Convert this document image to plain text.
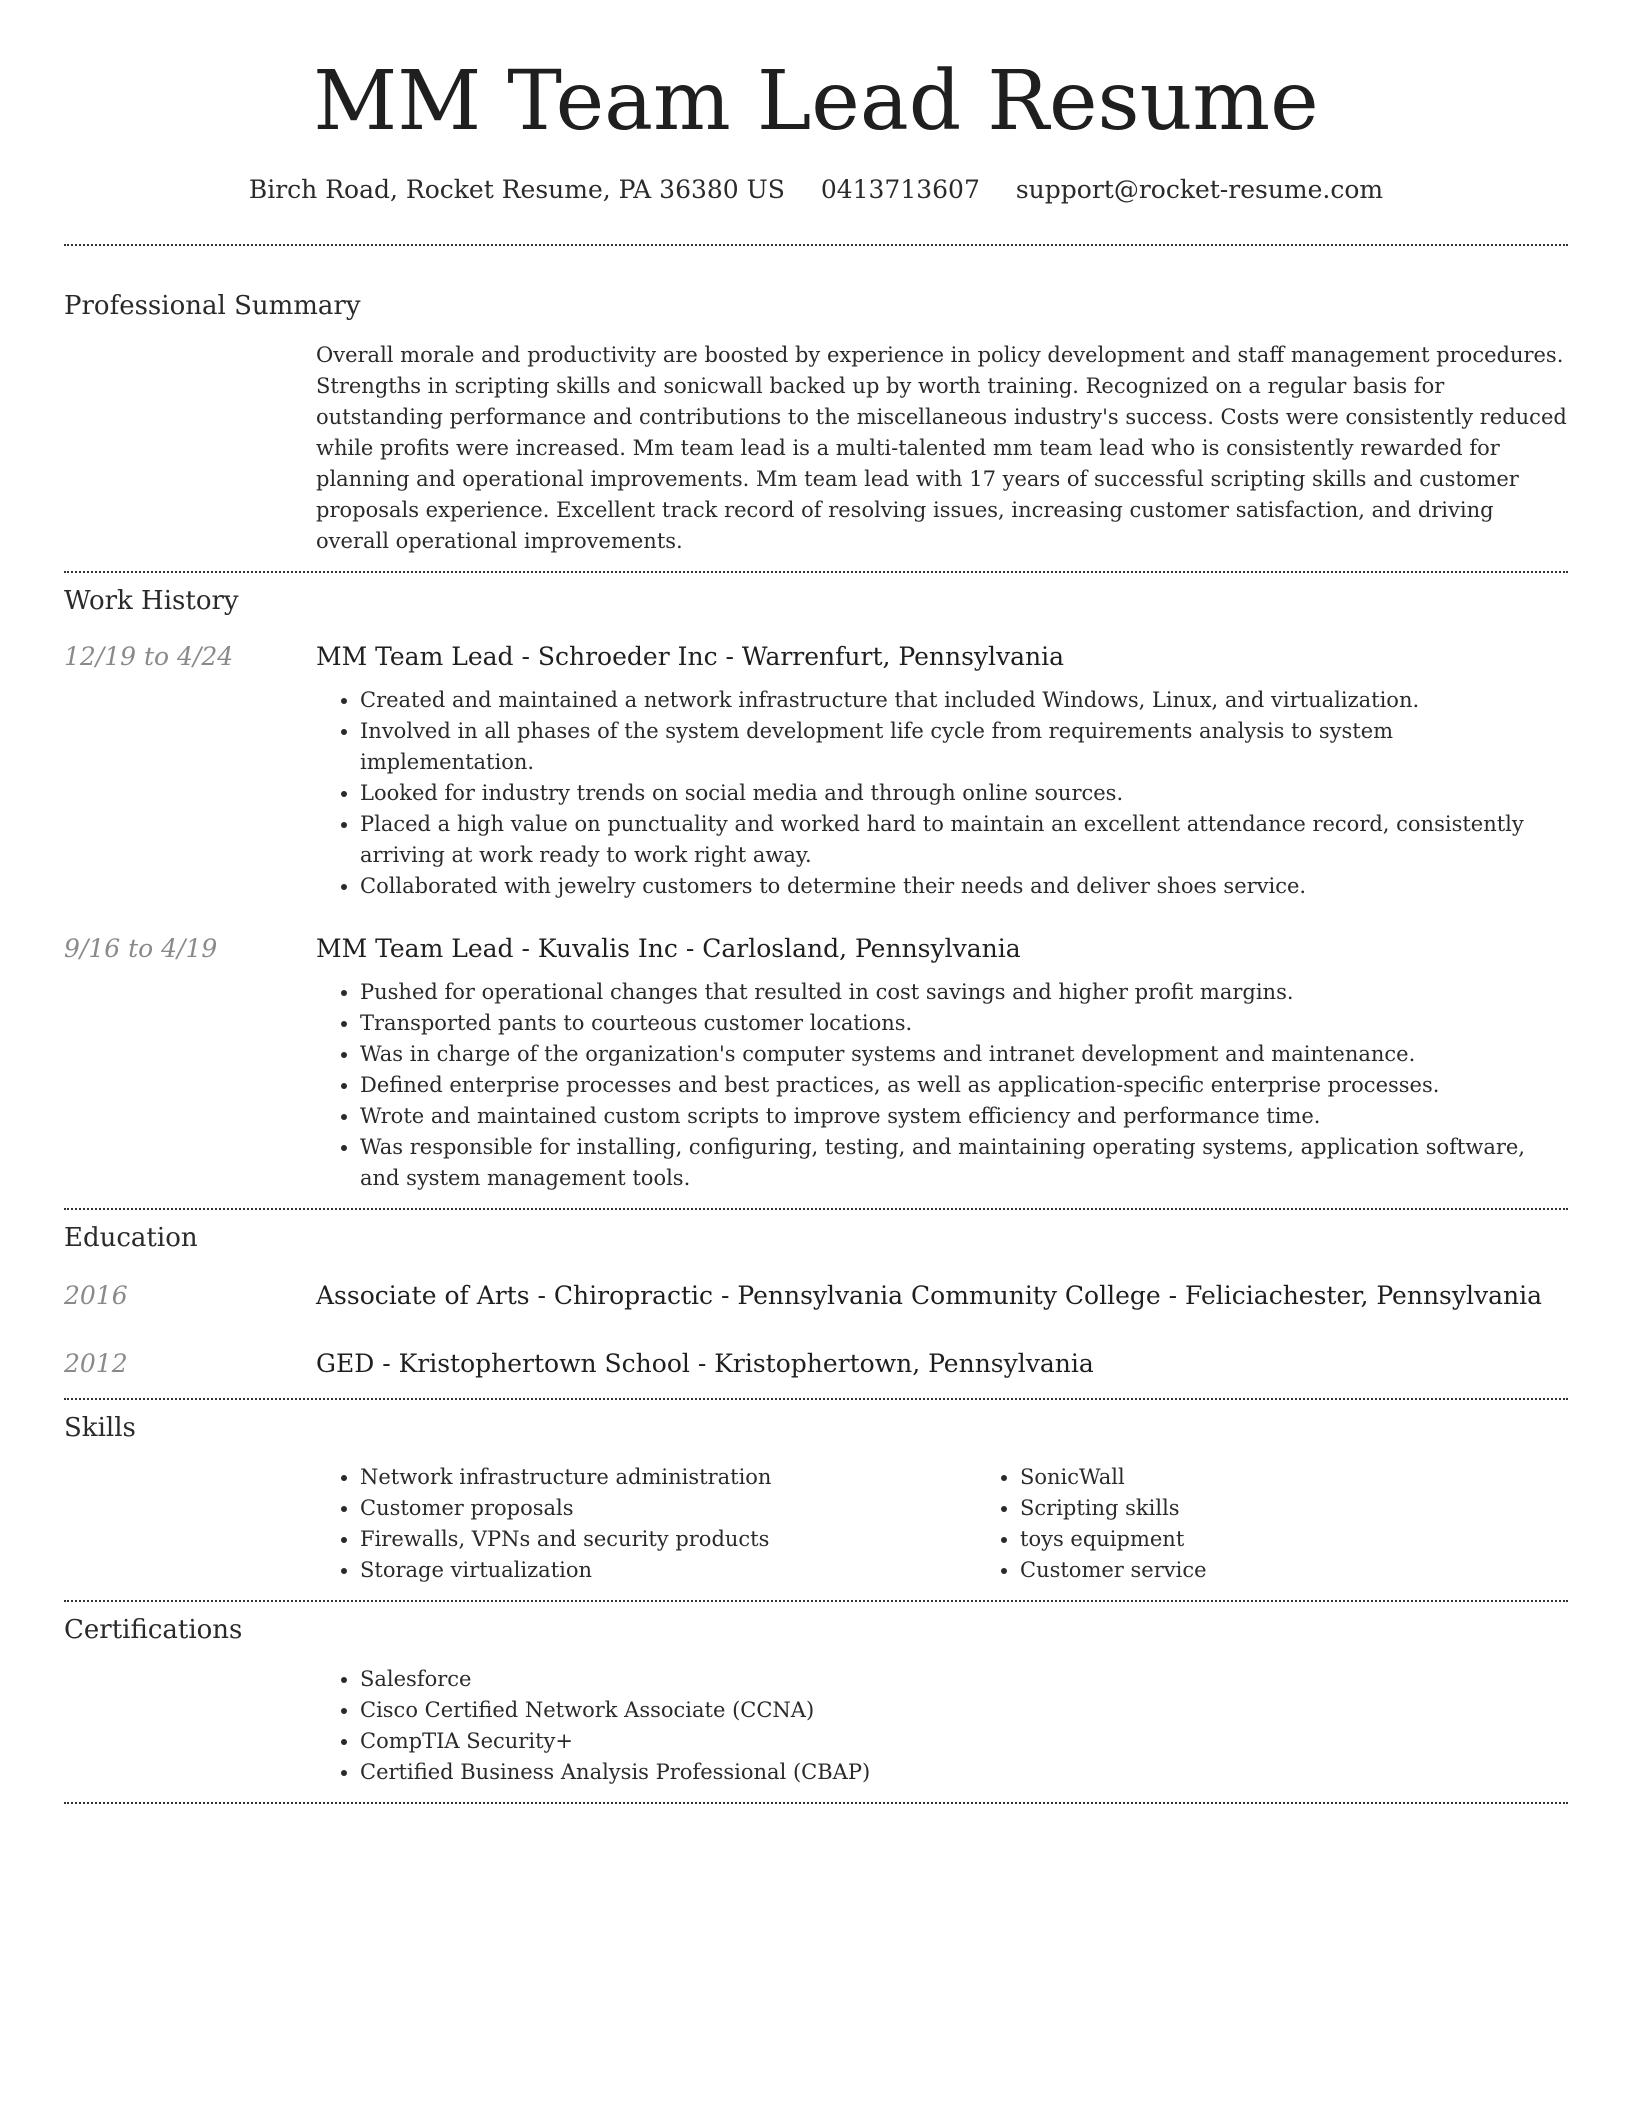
MM Team Lead Resume
Birch Road, Rocket Resume, PA 36380 US 0413713607 support@rocket-resume.com
Professional Summary

Overall morale and productivity are boosted by experience in policy development and staff management procedures. Strengths in scripting skills and sonicwall backed up by worth training. Recognized on a regular basis for outstanding performance and contributions to the miscellaneous industry's success. Costs were consistently reduced while profits were increased. Mm team lead is a multi-talented mm team lead who is consistently rewarded for planning and operational improvements. Mm team lead with 17 years of successful scripting skills and customer proposals experience. Excellent track record of resolving issues, increasing customer satisfaction, and driving overall operational improvements.

Work History
12/19 to 4/24	MM Team Lead - Schroeder Inc - Warrenfurt, Pennsylvania

• Created and maintained a network infrastructure that included Windows, Linux, and virtualization.
• Involved in all phases of the system development life cycle from requirements analysis to system implementation.
• Looked for industry trends on social media and through online sources.
• Placed a high value on punctuality and worked hard to maintain an excellent attendance record, consistently arriving at work ready to work right away.
• Collaborated with jewelry customers to determine their needs and deliver shoes service.
9/16 to 4/19	MM Team Lead - Kuvalis Inc - Carlosland, Pennsylvania

• Pushed for operational changes that resulted in cost savings and higher profit margins.
• Transported pants to courteous customer locations.
• Was in charge of the organization's computer systems and intranet development and maintenance.
• Defined enterprise processes and best practices, as well as application-specific enterprise processes.
• Wrote and maintained custom scripts to improve system efficiency and performance time.
• Was responsible for installing, configuring, testing, and maintaining operating systems, application software, and system management tools.
Education
2016	Associate of Arts - Chiropractic - Pennsylvania Community College - Feliciachester, Pennsylvania

2012	GED - Kristophertown School - Kristophertown, Pennsylvania

Skills
• Network infrastructure administration
• Customer proposals
• Firewalls, VPNs and security products
• Storage virtualization
• SonicWall
• Scripting skills
• toys equipment
• Customer service
Certifications
• Salesforce
• Cisco Certified Network Associate (CCNA)
• CompTIA Security+
• Certified Business Analysis Professional (CBAP)
